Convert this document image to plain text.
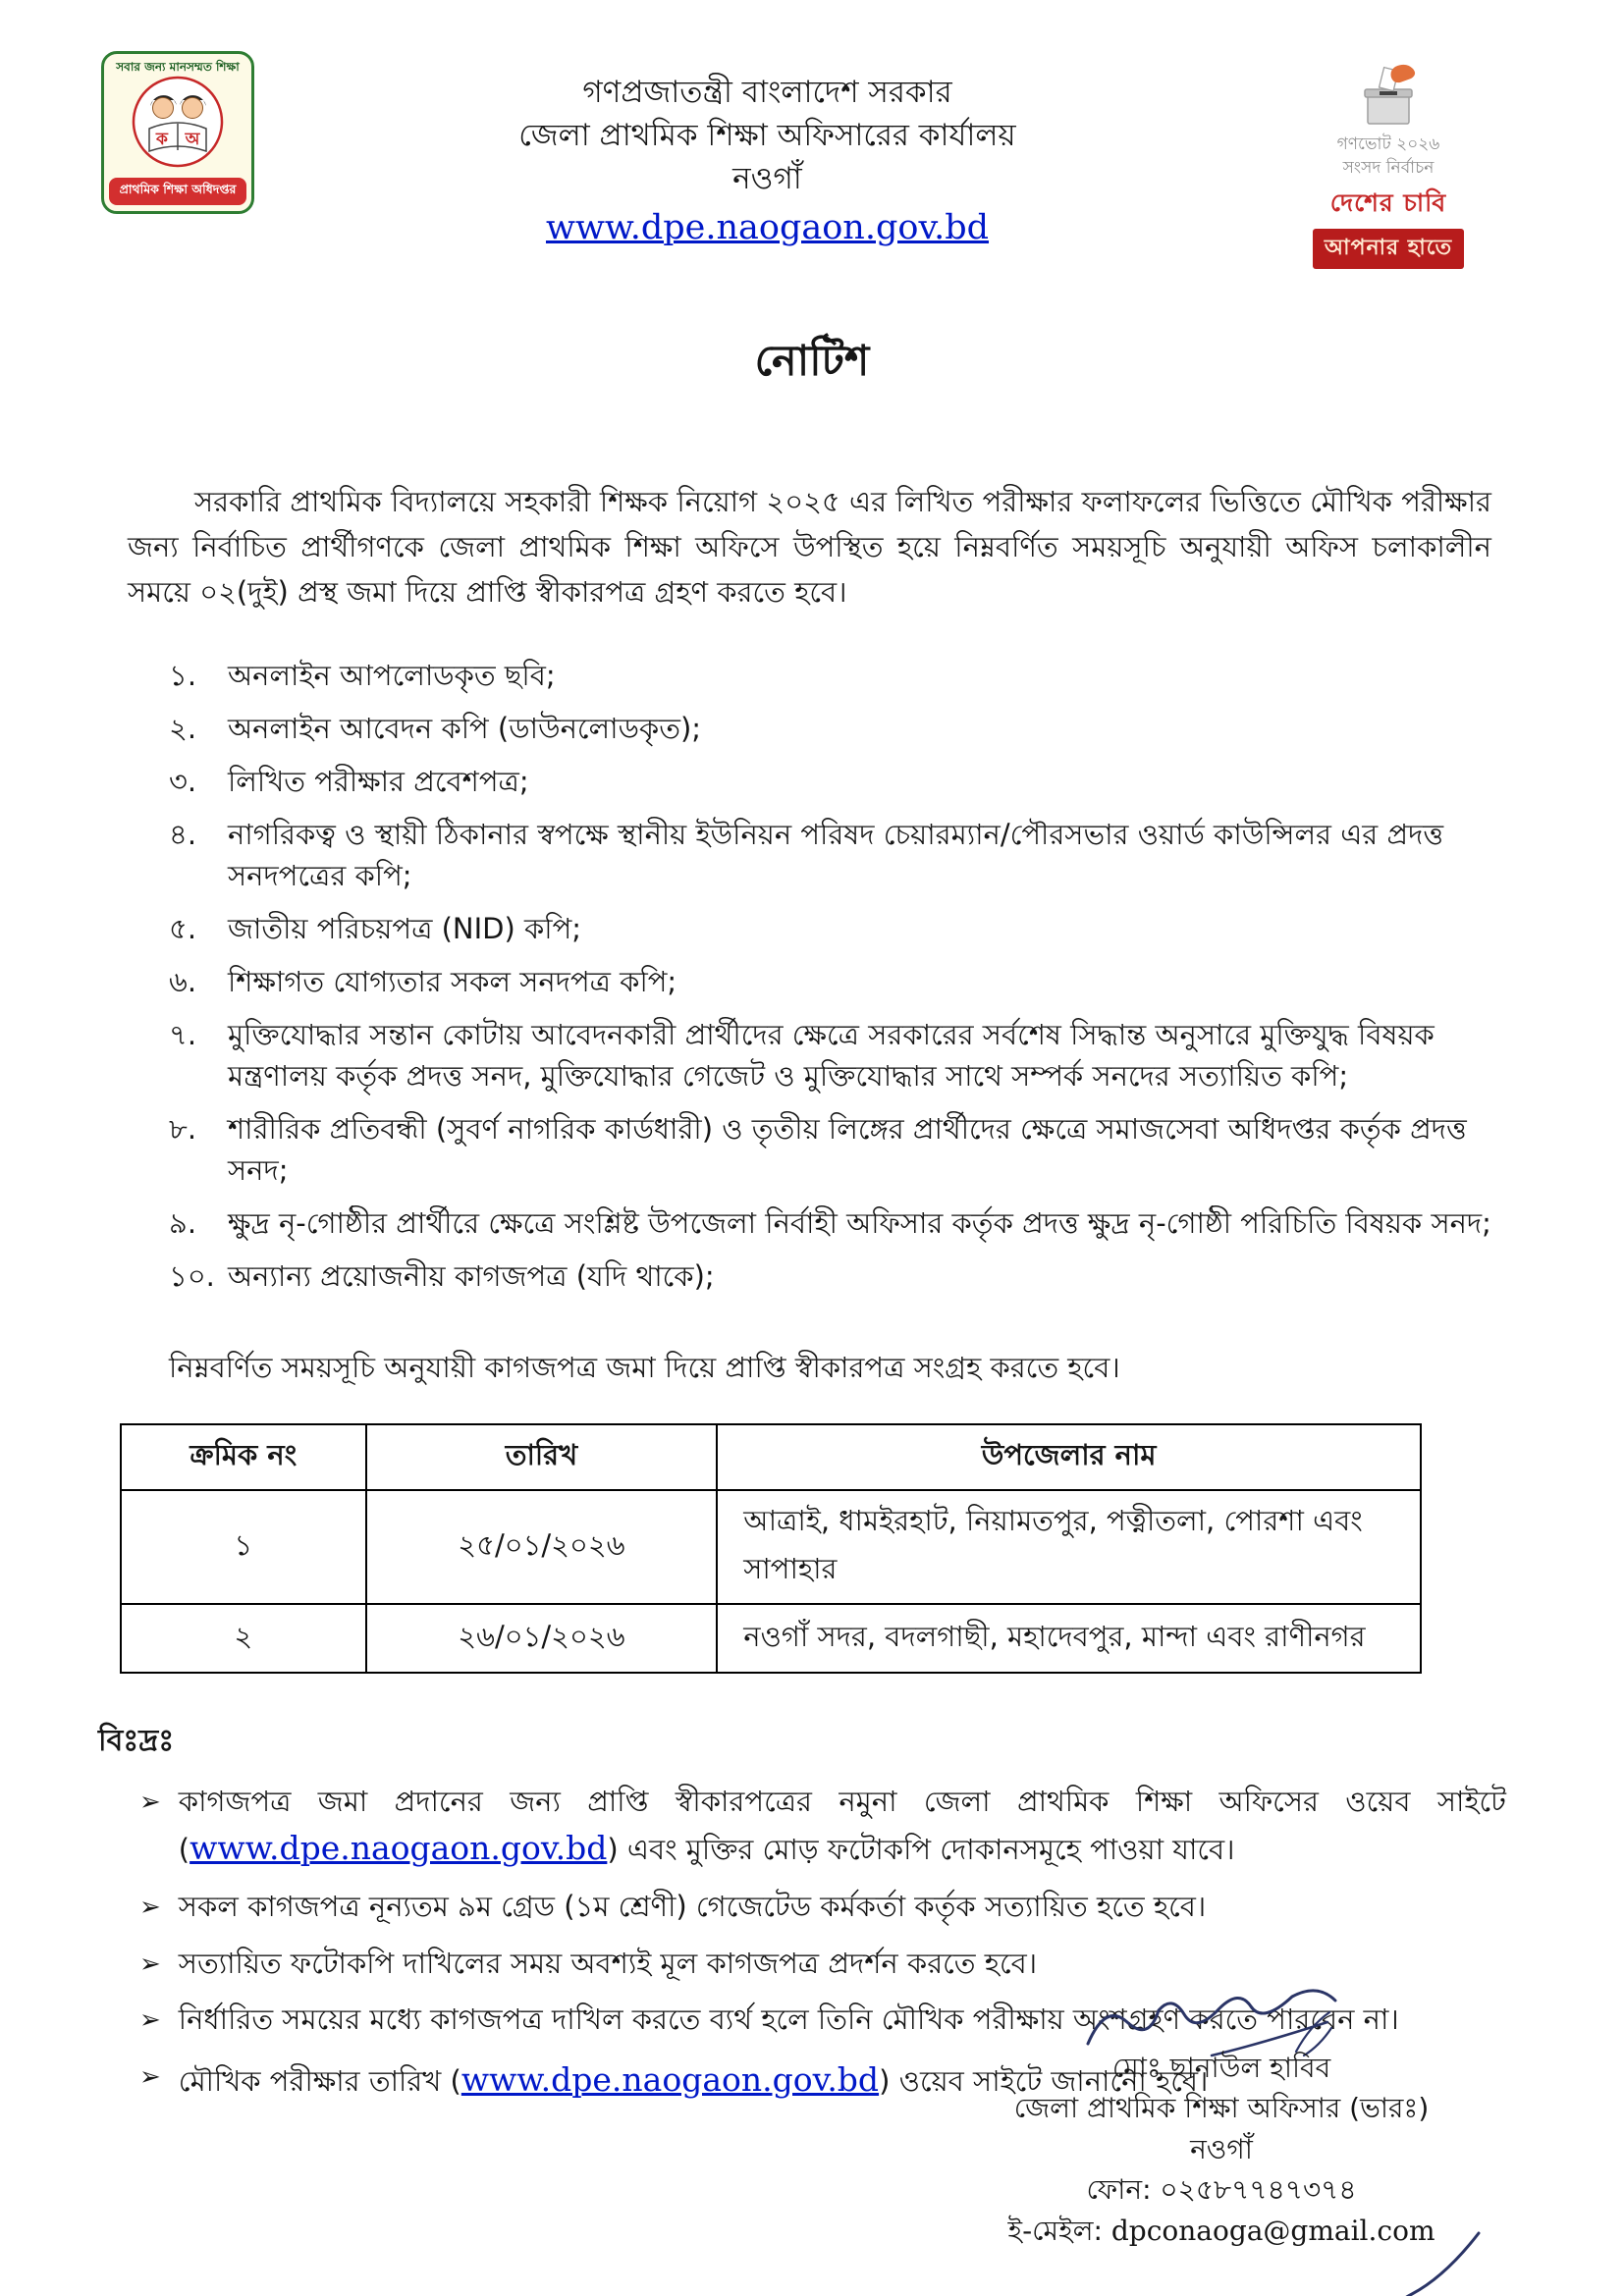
সবার জন্য মানসম্মত শিক্ষা
ক অ
প্রাথমিক শিক্ষা অধিদপ্তর
গণপ্রজাতন্ত্রী বাংলাদেশ সরকার
জেলা প্রাথমিক শিক্ষা অফিসারের কার্যালয়
নওগাঁ
www.dpe.naogaon.gov.bd
গণভোট ২০২৬
সংসদ নির্বাচন
দেশের চাবি
আপনার হাতে
নোটিশ

সরকারি প্রাথমিক বিদ্যালয়ে সহকারী শিক্ষক নিয়োগ ২০২৫ এর লিখিত পরীক্ষার ফলাফলের ভিত্তিতে মৌখিক পরীক্ষার জন্য নির্বাচিত প্রার্থীগণকে জেলা প্রাথমিক শিক্ষা অফিসে উপস্থিত হয়ে নিম্নবর্ণিত সময়সূচি অনুযায়ী অফিস চলাকালীন সময়ে ০২(দুই) প্রস্থ জমা দিয়ে প্রাপ্তি স্বীকারপত্র গ্রহণ করতে হবে।

১.	অনলাইন আপলোডকৃত ছবি;
২.	অনলাইন আবেদন কপি (ডাউনলোডকৃত);
৩.	লিখিত পরীক্ষার প্রবেশপত্র;
৪.	নাগরিকত্ব ও স্থায়ী ঠিকানার স্বপক্ষে স্থানীয় ইউনিয়ন পরিষদ চেয়ারম্যান/পৌরসভার ওয়ার্ড কাউন্সিলর এর প্রদত্ত সনদপত্রের কপি;
৫.	জাতীয় পরিচয়পত্র (NID) কপি;
৬.	শিক্ষাগত যোগ্যতার সকল সনদপত্র কপি;
৭.	মুক্তিযোদ্ধার সন্তান কোটায় আবেদনকারী প্রার্থীদের ক্ষেত্রে সরকারের সর্বশেষ সিদ্ধান্ত অনুসারে মুক্তিযুদ্ধ বিষয়ক মন্ত্রণালয় কর্তৃক প্রদত্ত সনদ, মুক্তিযোদ্ধার গেজেট ও মুক্তিযোদ্ধার সাথে সম্পর্ক সনদের সত্যায়িত কপি;
৮.	শারীরিক প্রতিবন্ধী (সুবর্ণ নাগরিক কার্ডধারী) ও তৃতীয় লিঙ্গের প্রার্থীদের ক্ষেত্রে সমাজসেবা অধিদপ্তর কর্তৃক প্রদত্ত সনদ;
৯.	ক্ষুদ্র নৃ-গোষ্ঠীর প্রার্থীরে ক্ষেত্রে সংশ্লিষ্ট উপজেলা নির্বাহী অফিসার কর্তৃক প্রদত্ত ক্ষুদ্র নৃ-গোষ্ঠী পরিচিতি বিষয়ক সনদ;
১০. অন্যান্য প্রয়োজনীয় কাগজপত্র (যদি থাকে);

নিম্নবর্ণিত সময়সূচি অনুযায়ী কাগজপত্র জমা দিয়ে প্রাপ্তি স্বীকারপত্র সংগ্রহ করতে হবে।

ক্রমিক নং	তারিখ	উপজেলার নাম
১	২৫/০১/২০২৬	আত্রাই, ধামইরহাট, নিয়ামতপুর, পত্নীতলা, পোরশা এবং সাপাহার
২	২৬/০১/২০২৬	নওগাঁ সদর, বদলগাছী, মহাদেবপুর, মান্দা এবং রাণীনগর
বিঃদ্রঃ
➢ কাগজপত্র জমা প্রদানের জন্য প্রাপ্তি স্বীকারপত্রের নমুনা জেলা প্রাথমিক শিক্ষা অফিসের ওয়েব সাইটে (www.dpe.naogaon.gov.bd) এবং মুক্তির মোড় ফটোকপি দোকানসমূহে পাওয়া যাবে।
➢ সকল কাগজপত্র নূন্যতম ৯ম গ্রেড (১ম শ্রেণী) গেজেটেড কর্মকর্তা কর্তৃক সত্যায়িত হতে হবে।
➢ সত্যায়িত ফটোকপি দাখিলের সময় অবশ্যই মূল কাগজপত্র প্রদর্শন করতে হবে।
➢ নির্ধারিত সময়ের মধ্যে কাগজপত্র দাখিল করতে ব্যর্থ হলে তিনি মৌখিক পরীক্ষায় অংশগ্রহণ করতে পারবেন না।
➢ মৌখিক পরীক্ষার তারিখ (www.dpe.naogaon.gov.bd) ওয়েব সাইটে জানানো হবে।
মোঃ ছানাউল হাবিব
জেলা প্রাথমিক শিক্ষা অফিসার (ভারঃ)
নওগাঁ
ফোন: ০২৫৮৭৭৪৭৩৭৪
ই-মেইল: dpconaoga@gmail.com
